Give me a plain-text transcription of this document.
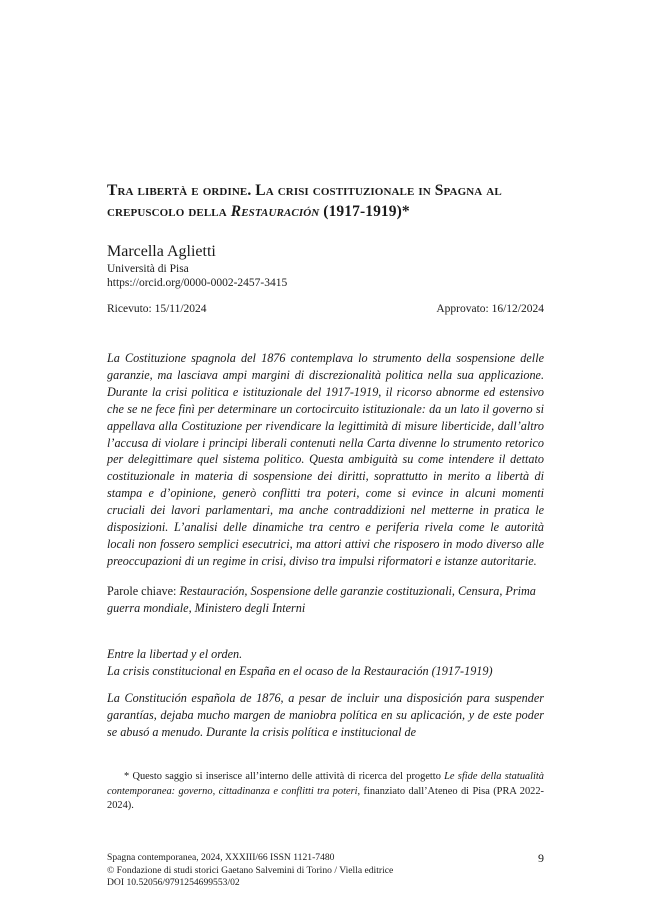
Tra libertà e ordine. La crisi costituzionale in Spagna al crepuscolo della Restauración (1917-1919)*
Marcella Aglietti
Università di Pisa
https://orcid.org/0000-0002-2457-3415
Ricevuto: 15/11/2024	Approvato: 16/12/2024

La Costituzione spagnola del 1876 contemplava lo strumento della sospensione delle garanzie, ma lasciava ampi margini di discrezionalità politica nella sua applicazione. Durante la crisi politica e istituzionale del 1917-1919, il ricorso abnorme ed estensivo che se ne fece finì per determinare un cortocircuito istituzionale: da un lato il governo si appellava alla Costituzione per rivendicare la legittimità di misure liberticide, dall’altro l’accusa di violare i principi liberali contenuti nella Carta divenne lo strumento retorico per delegittimare quel sistema politico. Questa ambiguità su come intendere il dettato costituzionale in materia di sospensione dei diritti, soprattutto in merito a libertà di stampa e d’opinione, generò conflitti tra poteri, come si evince in alcuni momenti cruciali dei lavori parlamentari, ma anche contraddizioni nel metterne in pratica le disposizioni. L’analisi delle dinamiche tra centro e periferia rivela come le autorità locali non fossero semplici esecutrici, ma attori attivi che risposero in modo diverso alle preoccupazioni di un regime in crisi, diviso tra impulsi riformatori e istanze autoritarie.

Parole chiave: Restauración, Sospensione delle garanzie costituzionali, Censura, Prima guerra mondiale, Ministero degli Interni

Entre la libertad y el orden.
La crisis constitucional en España en el ocaso de la Restauración (1917-1919)

La Constitución española de 1876, a pesar de incluir una disposición para suspender garantías, dejaba mucho margen de maniobra política en su aplicación, y de este poder se abusó a menudo. Durante la crisis política e institucional de

* Questo saggio si inserisce all’interno delle attività di ricerca del progetto Le sfide della statualità contemporanea: governo, cittadinanza e conflitti tra poteri, finanziato dall’Ateneo di Pisa (PRA 2022-2024).

Spagna contemporanea, 2024, XXXIII/66 ISSN 1121-7480
© Fondazione di studi storici Gaetano Salvemini di Torino / Viella editrice
DOI 10.52056/9791254699553/02
9
